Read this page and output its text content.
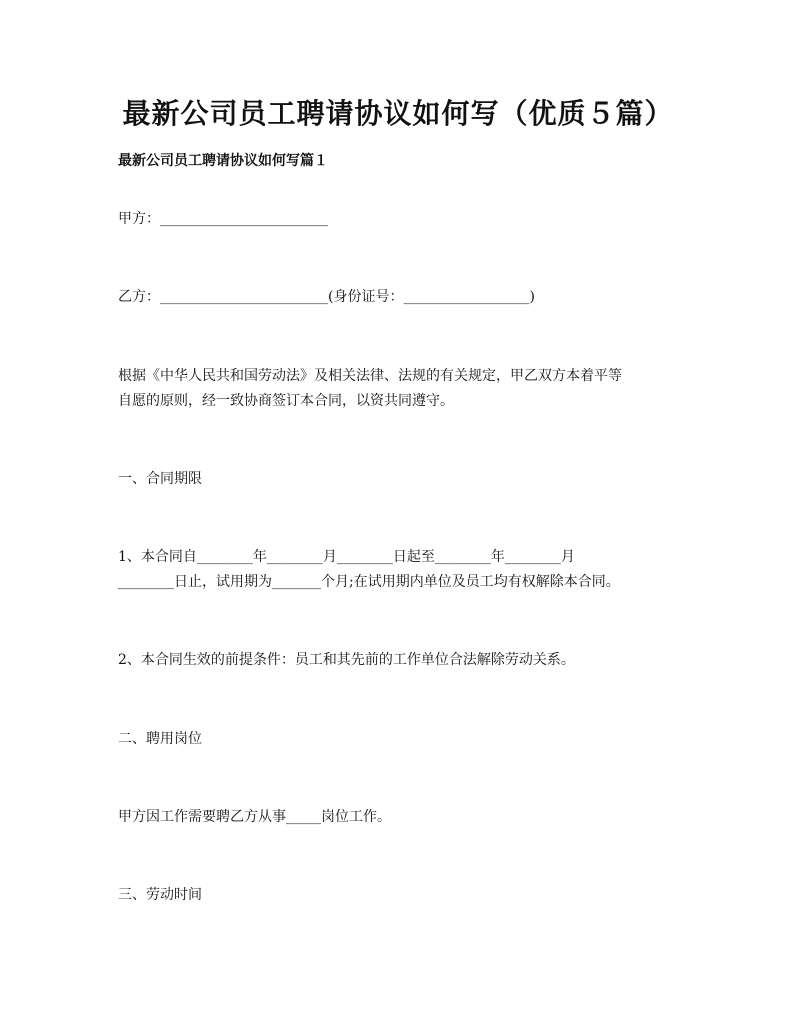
最新公司员工聘请协议如何写（优质５篇）
最新公司员工聘请协议如何写篇１
甲方：________________________
乙方：________________________(身份证号：__________________)
根据《中华人民共和国劳动法》及相关法律、法规的有关规定，甲乙双方本着平等
自愿的原则，经一致协商签订本合同，以资共同遵守。
一、合同期限
1、本合同自________年________月________日起至________年________月
________日止，试用期为_______个月;在试用期内单位及员工均有权解除本合同。
2、本合同生效的前提条件：员工和其先前的工作单位合法解除劳动关系。
二、聘用岗位
甲方因工作需要聘乙方从事_____岗位工作。
三、劳动时间
